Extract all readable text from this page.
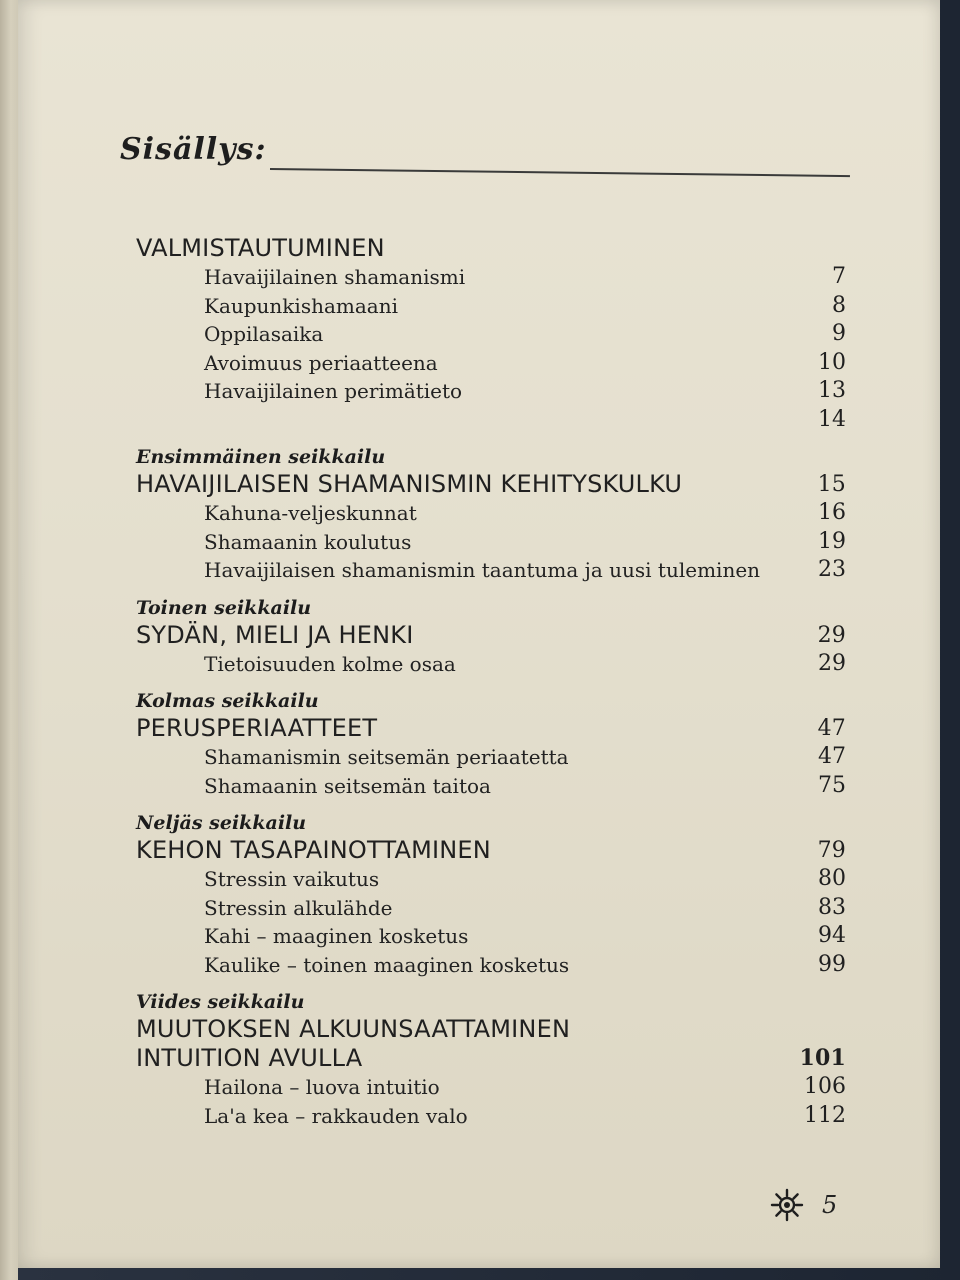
Sisällys:
VALMISTAUTUMINEN
Havaijilainen shamanismi	7
Kaupunkishamaani	8
Oppilasaika	9
Avoimuus periaatteena	10
Havaijilainen perimätieto	13
14
Ensimmäinen seikkailu
HAVAIJILAISEN SHAMANISMIN KEHITYSKULKU	15
Kahuna-veljeskunnat	16
Shamaanin koulutus	19
Havaijilaisen shamanismin taantuma ja uusi tuleminen	23
Toinen seikkailu
SYDÄN, MIELI JA HENKI	29
Tietoisuuden kolme osaa	29
Kolmas seikkailu
PERUSPERIAATTEET	47
Shamanismin seitsemän periaatetta	47
Shamaanin seitsemän taitoa	75
Neljäs seikkailu
KEHON TASAPAINOTTAMINEN	79
Stressin vaikutus	80
Stressin alkulähde	83
Kahi – maaginen kosketus	94
Kaulike – toinen maaginen kosketus	99
Viides seikkailu
MUUTOKSEN ALKUUNSAATTAMINEN
INTUITION AVULLA	101
Hailona – luova intuitio	106
La'a kea – rakkauden valo	112
5
